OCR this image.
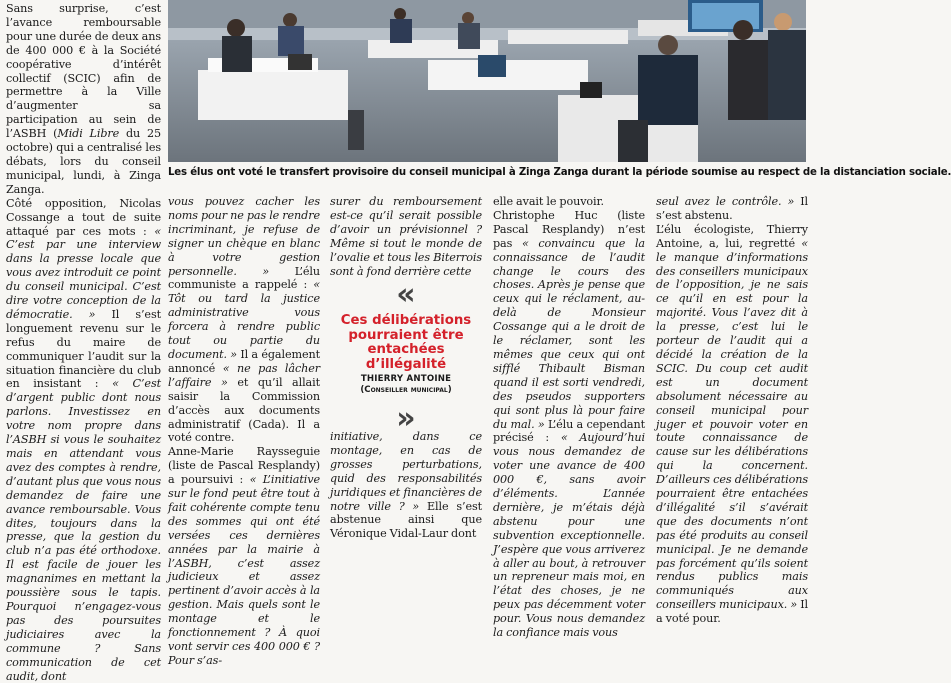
Sans surprise, c’est l’avance remboursable pour une durée de deux ans de 400 000 € à la Société coopérative d’intérêt collectif (SCIC) afin de permettre à la Ville d’augmenter sa participation au sein de l’ASBH (Midi Libre du 25 octobre) qui a centralisé les débats, lors du conseil municipal, lundi, à Zinga Zanga.

Côté opposition, Nicolas Cossange a tout de suite attaqué par ces mots : « C’est par une interview dans la presse locale que vous avez introduit ce point du conseil municipal. C’est dire votre conception de la démocratie. » Il s’est longuement revenu sur le refus du maire de communiquer l’audit sur la situation financière du club en insistant : « C’est d’argent public dont nous parlons. Investissez en votre nom propre dans l’ASBH si vous le souhaitez mais en attendant vous avez des comptes à rendre, d’autant plus que vous nous demandez de faire une avance remboursable. Vous dites, toujours dans la presse, que la gestion du club n’a pas été orthodoxe. Il est facile de jouer les magnanimes en mettant la poussière sous le tapis. Pourquoi n’engagez-vous pas des poursuites judiciaires avec la commune ? Sans communication de cet audit, dont

Les élus ont voté le transfert provisoire du conseil municipal à Zinga Zanga durant la période soumise au respect de la distanciation sociale.

vous pouvez cacher les noms pour ne pas le rendre incriminant, je refuse de signer un chèque en blanc à votre gestion personnelle. » L’élu communiste a rappelé : « Tôt ou tard la justice administrative vous forcera à rendre public tout ou partie du document. » Il a également annoncé « ne pas lâcher l’affaire » et qu’il allait saisir la Commission d’accès aux documents administratif (Cada). Il a voté contre.

Anne-Marie Raysseguie (liste de Pascal Resplandy) a poursuivi : « L’initiative sur le fond peut être tout à fait cohérente compte tenu des sommes qui ont été versées ces dernières années par la mairie à l’ASBH, c’est assez judicieux et assez pertinent d’avoir accès à la gestion. Mais quels sont le montage et le fonctionnement ? À quoi vont servir ces 400 000 € ? Pour s’as-

surer du remboursement est-ce qu’il serait possible d’avoir un prévisionnel ? Même si tout le monde de l’ovalie et tous les Biterrois sont à fond derrière cette

«
Ces délibérations pourraient être entachées d’illégalité
THIERRY ANTOINE
(Conseiller municipal)
»

initiative, dans ce montage, en cas de grosses perturbations, quid des responsabilités juridiques et financières de notre ville ? » Elle s’est abstenue ainsi que Véronique Vidal-Laur dont

elle avait le pouvoir.

Christophe Huc (liste Pascal Resplandy) n’est pas « convaincu que la connaissance de l’audit change le cours des choses. Après je pense que ceux qui le réclament, au-delà de Monsieur Cossange qui a le droit de le réclamer, sont les mêmes que ceux qui ont sifflé Thibault Bisman quand il est sorti vendredi, des pseudos supporters qui sont plus là pour faire du mal. » L’élu a cependant précisé : « Aujourd’hui vous nous demandez de voter une avance de 400 000 €, sans avoir d’éléments. L’année dernière, je m’étais déjà abstenu pour une subvention exceptionnelle. J’espère que vous arriverez à aller au bout, à retrouver un repreneur mais moi, en l’état des choses, je ne peux pas décemment voter pour. Vous nous demandez la confiance mais vous

seul avez le contrôle. » Il s’est abstenu.

L’élu écologiste, Thierry Antoine, a, lui, regretté « le manque d’informations des conseillers municipaux de l’opposition, je ne sais ce qu’il en est pour la majorité. Vous l’avez dit à la presse, c’est lui le porteur de l’audit qui a décidé la création de la SCIC. Du coup cet audit est un document absolument nécessaire au conseil municipal pour juger et pouvoir voter en toute connaissance de cause sur les délibérations qui la concernent. D’ailleurs ces délibérations pourraient être entachées d’illégalité s’il s’avérait que des documents n’ont pas été produits au conseil municipal. Je ne demande pas forcément qu’ils soient rendus publics mais communiqués aux conseillers municipaux. » Il a voté pour.
